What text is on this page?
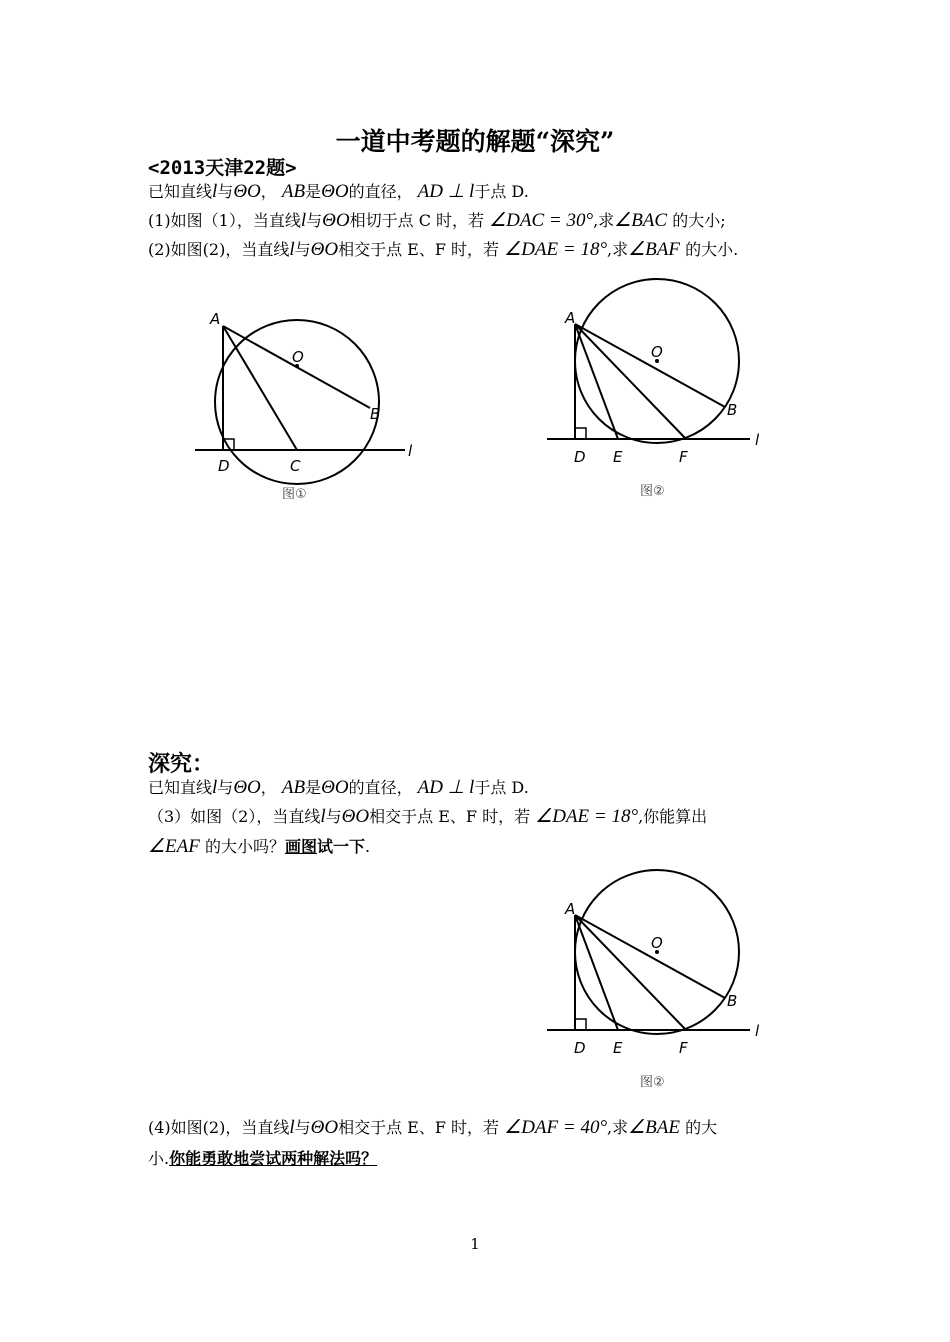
一道中考题的解题“深究”
<2013天津22题>
已知直线l与ΘO， AB是ΘO的直径， AD ⊥ l于点 D.
(1)如图（1），当直线l与ΘO相切于点 C 时，若 ∠DAC = 30°,求∠BAC 的大小;
(2)如图(2)，当直线l与ΘO相交于点 E、F 时，若 ∠DAE = 18°,求∠BAF 的大小.
A
O
B
D	C
l
图①
A
O
B
D E	F
l
图②
深究：
已知直线l与ΘO， AB是ΘO的直径， AD ⊥ l于点 D.
（3）如图（2），当直线l与ΘO相交于点 E、F 时，若 ∠DAE = 18°,你能算出
∠EAF 的大小吗？画图试一下.
A
O
B
D E	F
l
图②
(4)如图(2)，当直线l与ΘO相交于点 E、F 时，若 ∠DAF = 40°,求∠BAE 的大
小.你能勇敢地尝试两种解法吗？
1
